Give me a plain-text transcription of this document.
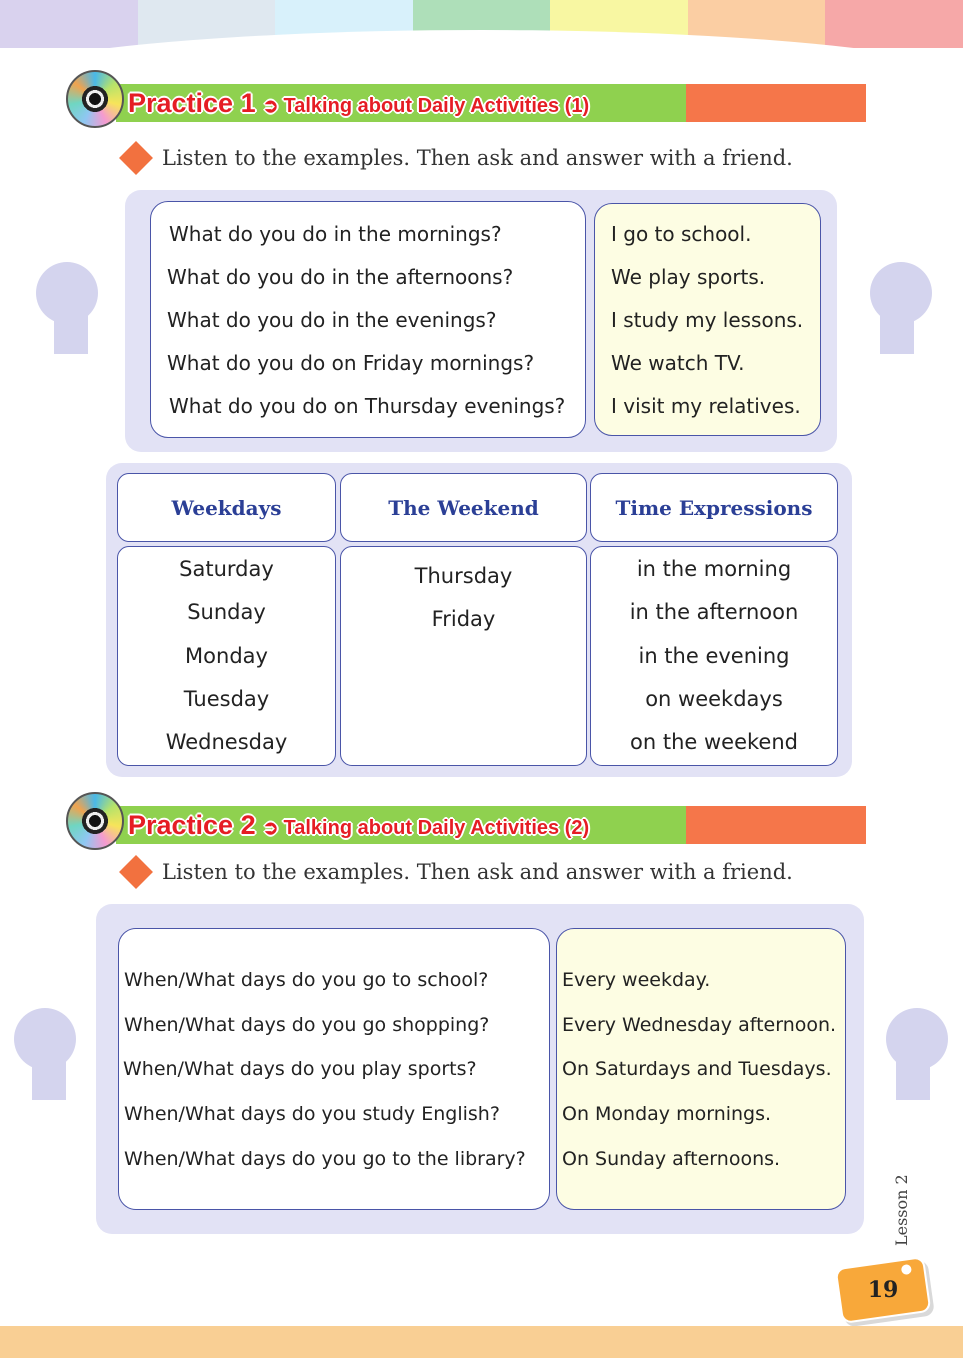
Practice 1 ➲ Talking about Daily Activities (1)
Listen to the examples. Then ask and answer with a friend.
What do you do in the mornings?
What do you do in the afternoons?
What do you do in the evenings?
What do you do on Friday mornings?
What do you do on Thursday evenings?
I go to school.
We play sports.
I study my lessons.
We watch TV.
I visit my relatives.
Weekdays	The Weekend	Time Expressions
Saturday
Sunday
Monday
Tuesday
Wednesday
Thursday
Friday
in the morning
in the afternoon
in the evening
on weekdays
on the weekend
Practice 2 ➲ Talking about Daily Activities (2)
Listen to the examples. Then ask and answer with a friend.
When/What days do you go to school?
When/What days do you go shopping?
When/What days do you play sports?
When/What days do you study English?
When/What days do you go to the library?
Every weekday.
Every Wednesday afternoon.
On Saturdays and Tuesdays.
On Monday mornings.
On Sunday afternoons.
Lesson 2
19
